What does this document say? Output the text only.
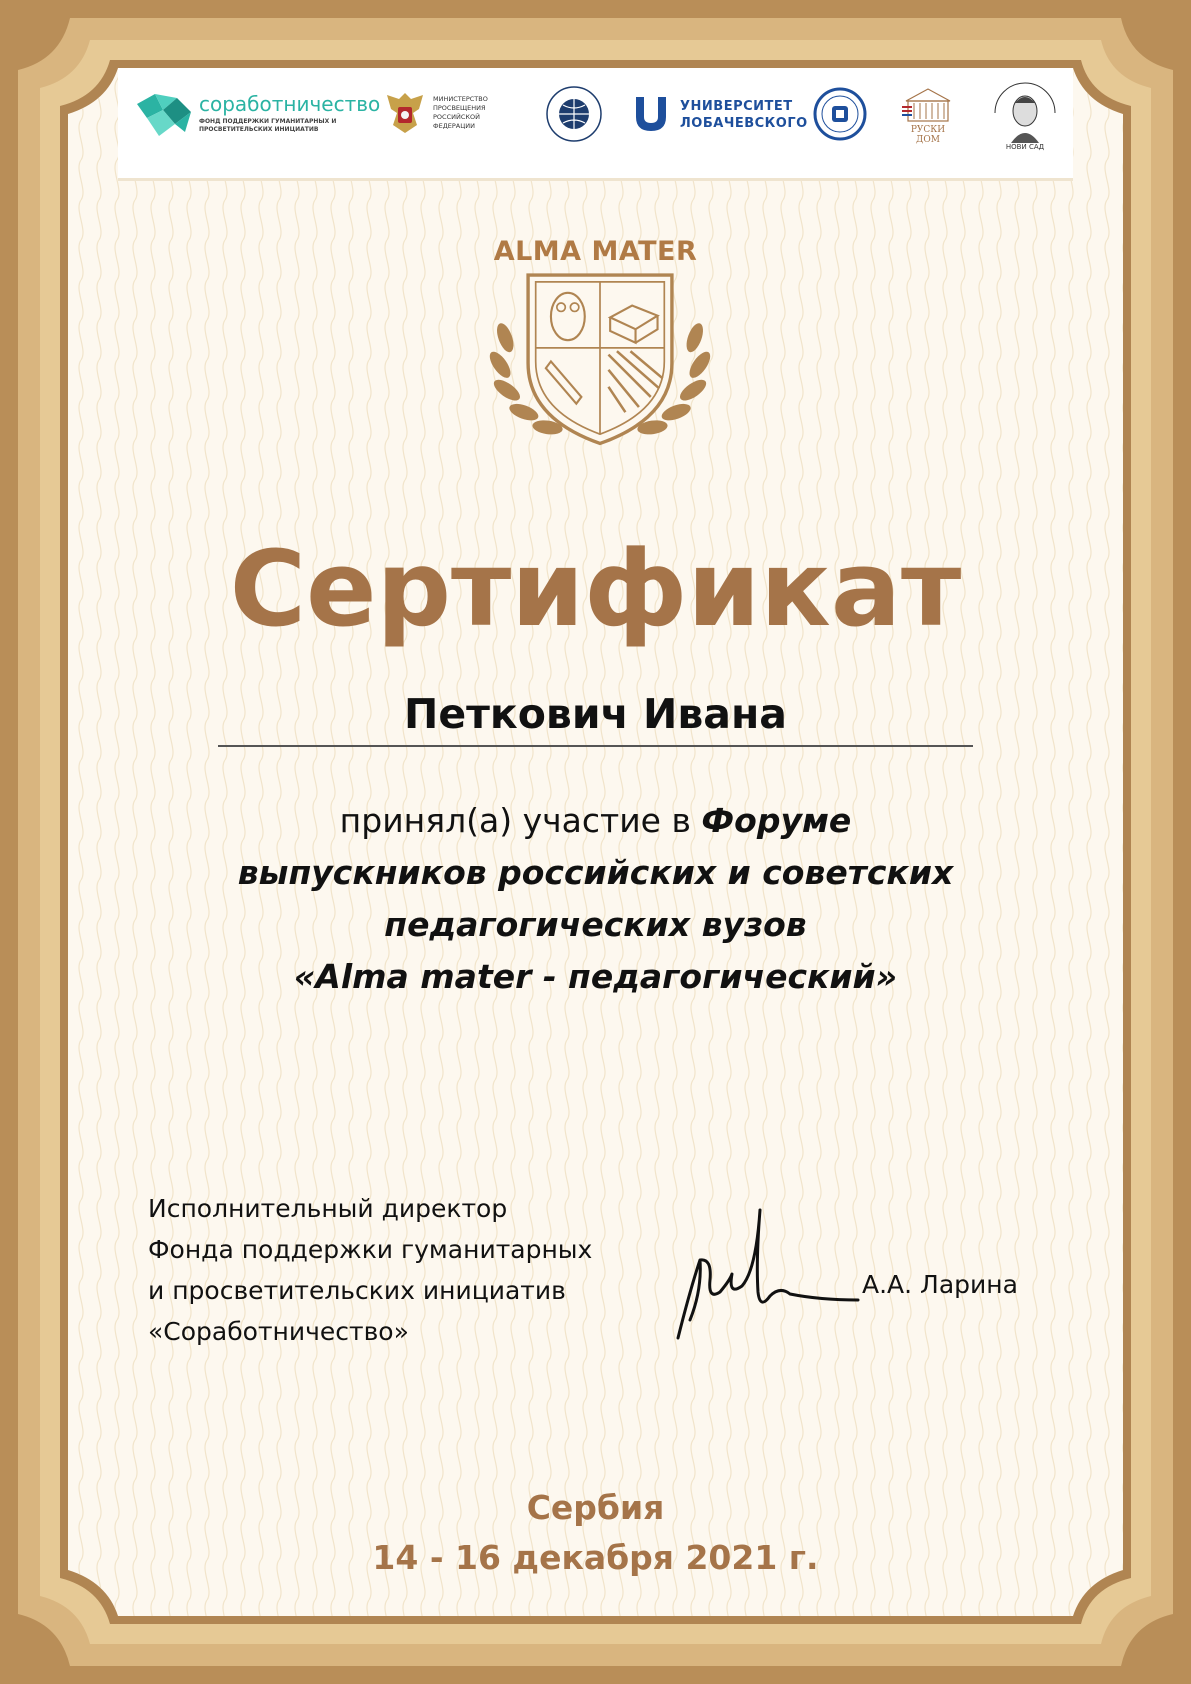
соработничество
ФОНД ПОДДЕРЖКИ ГУМАНИТАРНЫХ И ПРОСВЕТИТЕЛЬСКИХ ИНИЦИАТИВ
МИНИСТЕРСТВО ПРОСВЕЩЕНИЯ РОССИЙСКОЙ ФЕДЕРАЦИИ
УНИВЕРСИТЕТ
ЛОБАЧЕВСКОГО	РУСКИ ДОМ
НОВИ САД
ALMA MATER
Сертификат
Петкович Ивана
принял(а) участие в Форуме
выпускников российских и советских
педагогических вузов
«Alma mater - педагогический»
Исполнительный директор
Фонда поддержки гуманитарных
и просветительских инициатив
«Соработничество»
А.А. Ларина
Сербия
14 - 16 декабря 2021 г.
